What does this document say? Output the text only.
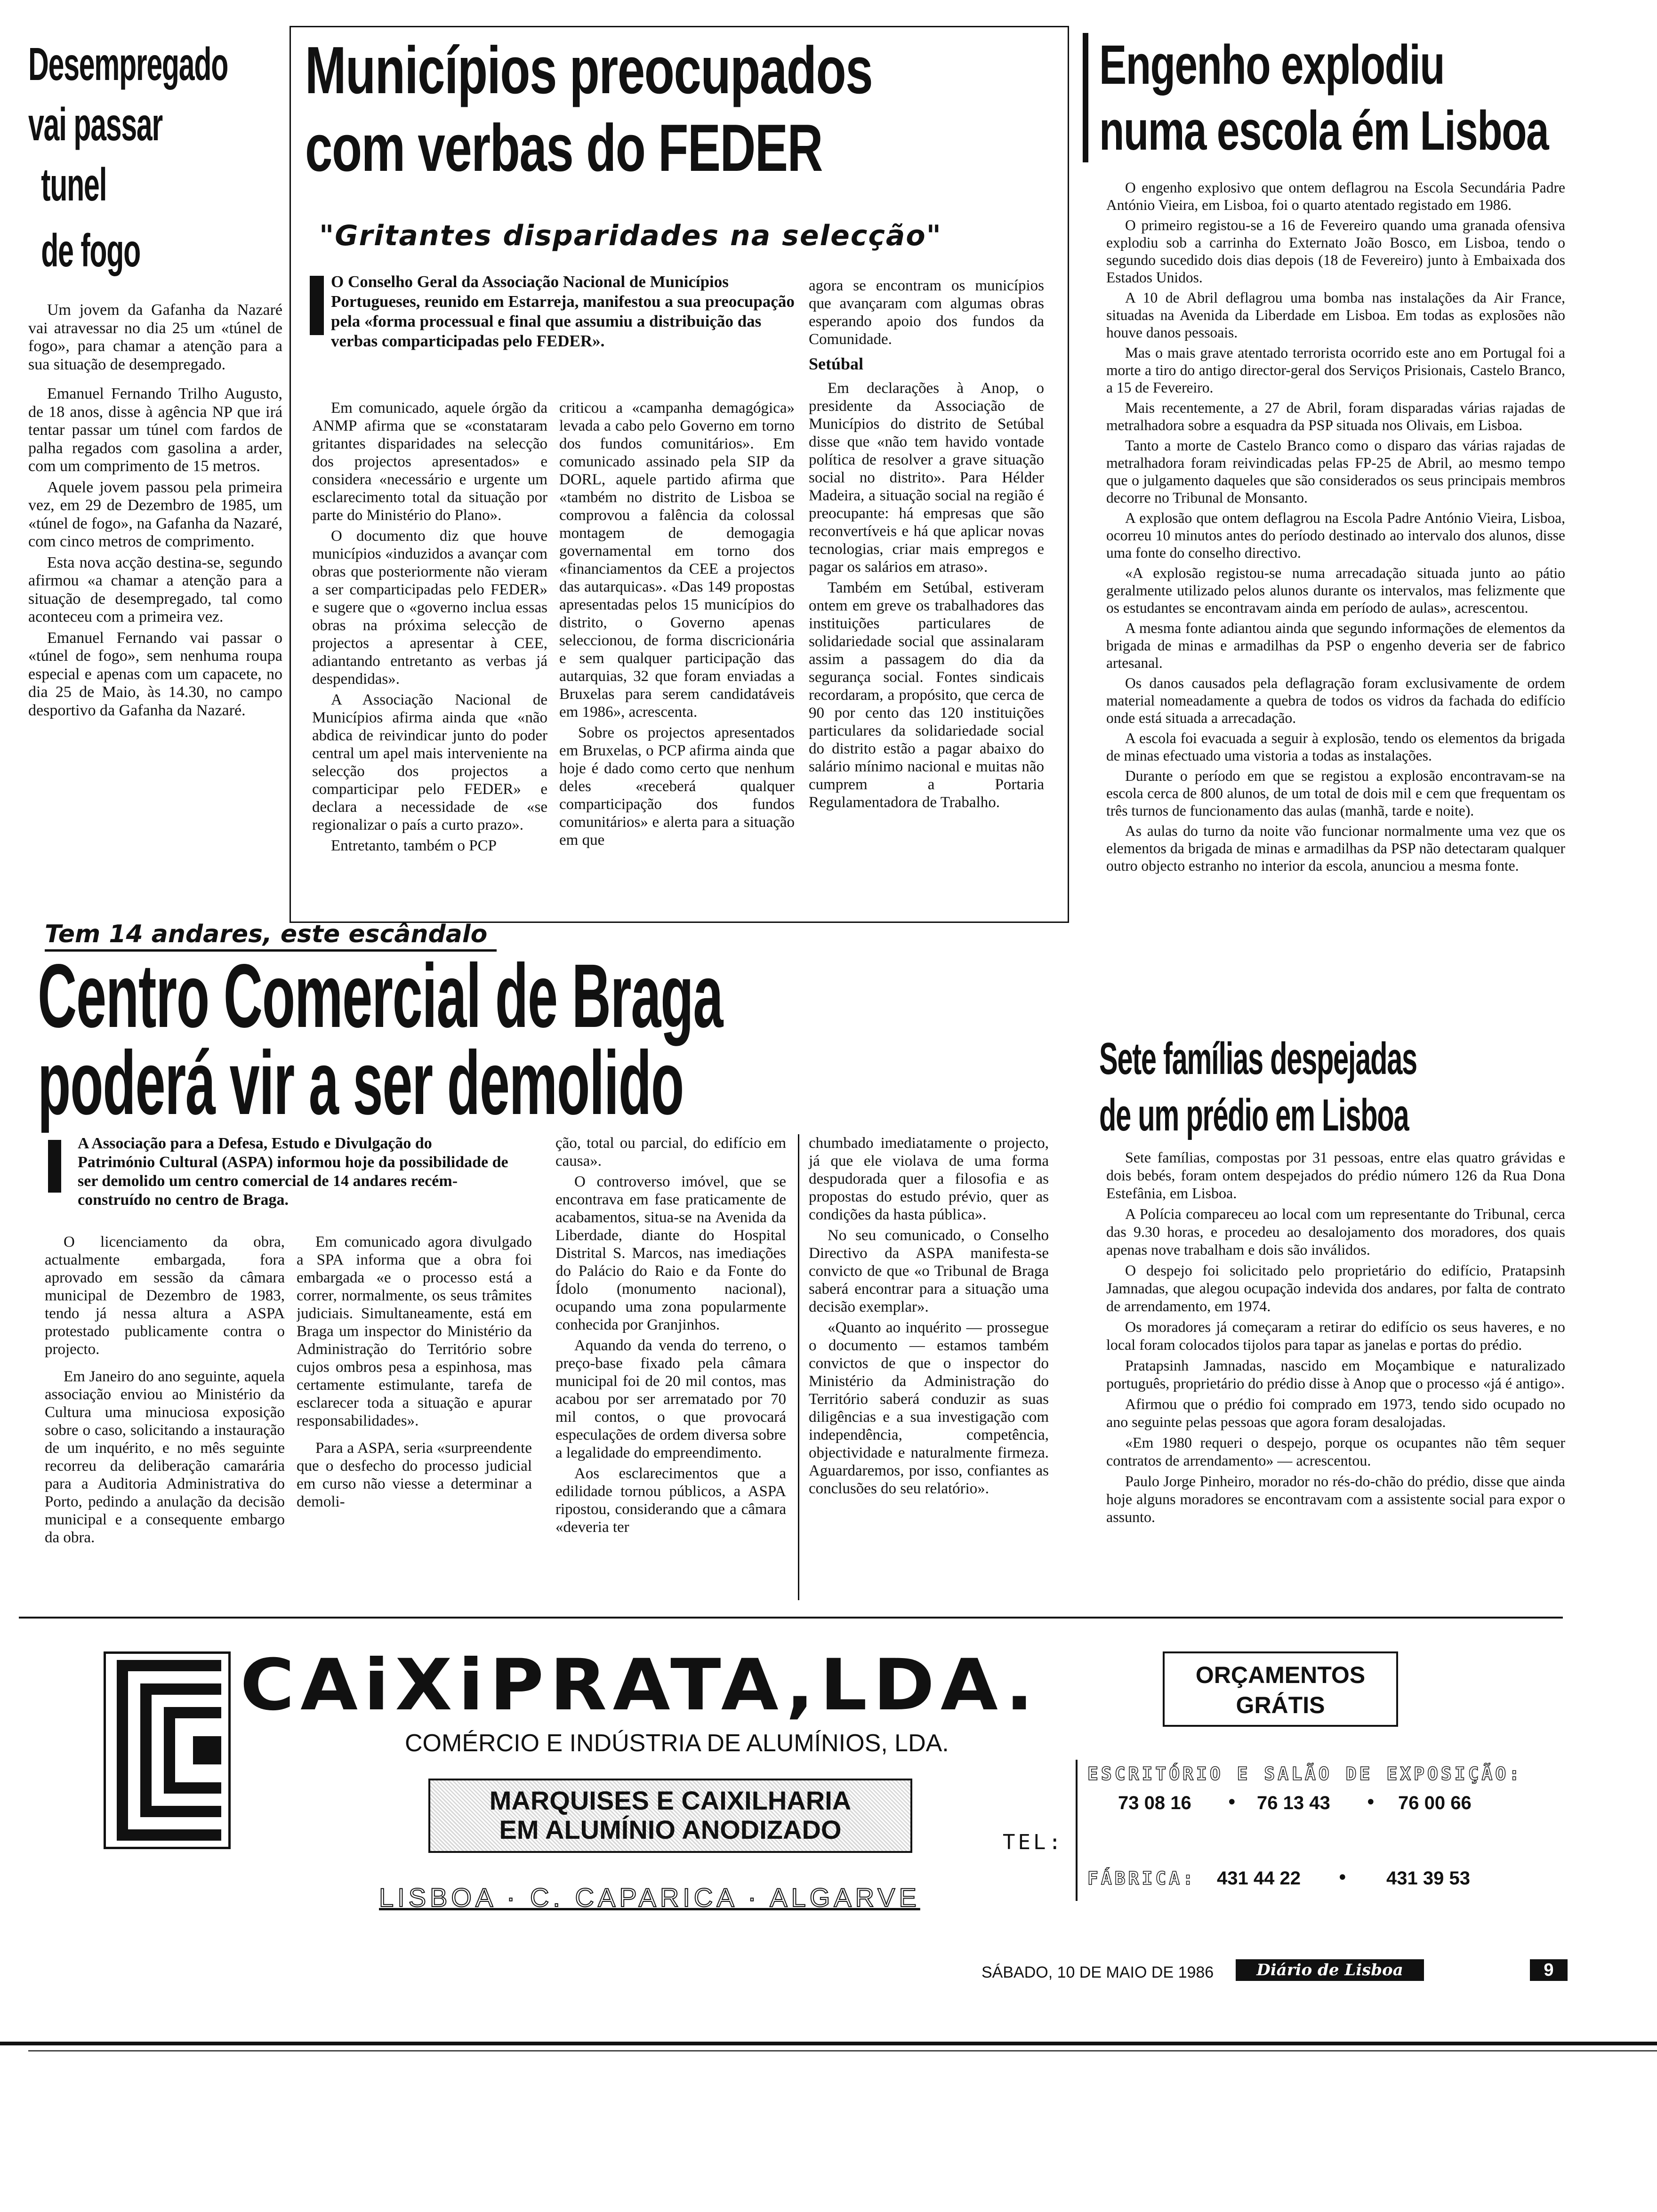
Desempregado
vai passar
tunel
de fogo

Um jovem da Gafanha da Nazaré vai atravessar no dia 25 um «túnel de fogo», para chamar a atenção para a sua situação de desempregado.

Emanuel Fernando Trilho Augusto, de 18 anos, disse à agência NP que irá tentar passar um túnel com fardos de palha regados com gasolina a arder, com um comprimento de 15 metros.

Aquele jovem passou pela primeira vez, em 29 de Dezembro de 1985, um «túnel de fogo», na Gafanha da Nazaré, com cinco metros de comprimento.

Esta nova acção destina-se, segundo afirmou «a chamar a atenção para a situação de desempregado, tal como aconteceu com a primeira vez.

Emanuel Fernando vai passar o «túnel de fogo», sem nenhuma roupa especial e apenas com um capacete, no dia 25 de Maio, às 14.30, no campo desportivo da Gafanha da Nazaré.

Municípios preocupados
com verbas do FEDER
"Gritantes disparidades na selecção"
O Conselho Geral da Associação Nacional de Municípios Portugueses, reunido em Estarreja, manifestou a sua preocupação pela «forma processual e final que assumiu a distribuição das verbas comparticipadas pelo FEDER».

Em comunicado, aquele órgão da ANMP afirma que se «constataram gritantes disparidades na selecção dos projectos apresentados» e considera «necessário e urgente um esclarecimento total da situação por parte do Ministério do Plano».

O documento diz que houve municípios «induzidos a avançar com obras que posteriormente não vieram a ser comparticipadas pelo FEDER» e sugere que o «governo inclua essas obras na próxima selecção de projectos a apresentar à CEE, adiantando entretanto as verbas já despendidas».

A Associação Nacional de Municípios afirma ainda que «não abdica de reivindicar junto do poder central um apel mais interveniente na selecção dos projectos a comparticipar pelo FEDER» e declara a necessidade de «se regionalizar o país a curto prazo».

Entretanto, também o PCP

criticou a «campanha demagógica» levada a cabo pelo Governo em torno dos fundos comunitários». Em comunicado assinado pela SIP da DORL, aquele partido afirma que «também no distrito de Lisboa se comprovou a falência da colossal montagem de demogagia governamental em torno dos «financiamentos da CEE a projectos das autarquicas». «Das 149 propostas apresentadas pelos 15 municípios do distrito, o Governo apenas seleccionou, de forma discricionária e sem qualquer participação das autarquias, 32 que foram enviadas a Bruxelas para serem candidatáveis em 1986», acrescenta.

Sobre os projectos apresentados em Bruxelas, o PCP afirma ainda que hoje é dado como certo que nenhum deles «receberá qualquer comparticipação dos fundos comunitários» e alerta para a situação em que

agora se encontram os municípios que avançaram com algumas obras esperando apoio dos fundos da Comunidade.

Setúbal

Em declarações à Anop, o presidente da Associação de Municípios do distrito de Setúbal disse que «não tem havido vontade política de resolver a grave situação social no distrito». Para Hélder Madeira, a situação social na região é preocupante: há empresas que são reconvertíveis e há que aplicar novas tecnologias, criar mais empregos e pagar os salários em atraso».

Também em Setúbal, estiveram ontem em greve os trabalhadores das instituições particulares de solidariedade social que assinalaram assim a passagem do dia da segurança social. Fontes sindicais recordaram, a propósito, que cerca de 90 por cento das 120 instituições particulares da solidariedade social do distrito estão a pagar abaixo do salário mínimo nacional e muitas não cumprem a Portaria Regulamentadora de Trabalho.

Engenho explodiu
numa escola ém Lisboa

O engenho explosivo que ontem deflagrou na Escola Secundária Padre António Vieira, em Lisboa, foi o quarto atentado registado em 1986.

O primeiro registou-se a 16 de Fevereiro quando uma granada ofensiva explodiu sob a carrinha do Externato João Bosco, em Lisboa, tendo o segundo sucedido dois dias depois (18 de Fevereiro) junto à Embaixada dos Estados Unidos.

A 10 de Abril deflagrou uma bomba nas instalações da Air France, situadas na Avenida da Liberdade em Lisboa. Em todas as explosões não houve danos pessoais.

Mas o mais grave atentado terrorista ocorrido este ano em Portugal foi a morte a tiro do antigo director-geral dos Serviços Prisionais, Castelo Branco, a 15 de Fevereiro.

Mais recentemente, a 27 de Abril, foram disparadas várias rajadas de metralhadora sobre a esquadra da PSP situada nos Olivais, em Lisboa.

Tanto a morte de Castelo Branco como o disparo das várias rajadas de metralhadora foram reivindicadas pelas FP-25 de Abril, ao mesmo tempo que o julgamento daqueles que são considerados os seus principais membros decorre no Tribunal de Monsanto.

A explosão que ontem deflagrou na Escola Padre António Vieira, Lisboa, ocorreu 10 minutos antes do período destinado ao intervalo dos alunos, disse uma fonte do conselho directivo.

«A explosão registou-se numa arrecadação situada junto ao pátio geralmente utilizado pelos alunos durante os intervalos, mas felizmente que os estudantes se encontravam ainda em período de aulas», acrescentou.

A mesma fonte adiantou ainda que segundo informações de elementos da brigada de minas e armadilhas da PSP o engenho deveria ser de fabrico artesanal.

Os danos causados pela deflagração foram exclusivamente de ordem material nomeadamente a quebra de todos os vidros da fachada do edifício onde está situada a arrecadação.

A escola foi evacuada a seguir à explosão, tendo os elementos da brigada de minas efectuado uma vistoria a todas as instalações.

Durante o período em que se registou a explosão encontravam-se na escola cerca de 800 alunos, de um total de dois mil e cem que frequentam os três turnos de funcionamento das aulas (manhã, tarde e noite).

As aulas do turno da noite vão funcionar normalmente uma vez que os elementos da brigada de minas e armadilhas da PSP não detectaram qualquer outro objecto estranho no interior da escola, anunciou a mesma fonte.

Sete famílias despejadas
de um prédio em Lisboa

Sete famílias, compostas por 31 pessoas, entre elas quatro grávidas e dois bebés, foram ontem despejados do prédio número 126 da Rua Dona Estefânia, em Lisboa.

A Polícia compareceu ao local com um representante do Tribunal, cerca das 9.30 horas, e procedeu ao desalojamento dos moradores, dos quais apenas nove trabalham e dois são inválidos.

O despejo foi solicitado pelo proprietário do edifício, Pratapsinh Jamnadas, que alegou ocupação indevida dos andares, por falta de contrato de arrendamento, em 1974.

Os moradores já começaram a retirar do edifício os seus haveres, e no local foram colocados tijolos para tapar as janelas e portas do prédio.

Pratapsinh Jamnadas, nascido em Moçambique e naturalizado português, proprietário do prédio disse à Anop que o processo «já é antigo».

Afirmou que o prédio foi comprado em 1973, tendo sido ocupado no ano seguinte pelas pessoas que agora foram desalojadas.

«Em 1980 requeri o despejo, porque os ocupantes não têm sequer contratos de arrendamento» — acrescentou.

Paulo Jorge Pinheiro, morador no rés-do-chão do prédio, disse que ainda hoje alguns moradores se encontravam com a assistente social para expor o assunto.

Tem 14 andares, este escândalo
Centro Comercial de Braga
poderá vir a ser demolido
A Associação para a Defesa, Estudo e Divulgação do Património Cultural (ASPA) informou hoje da possibilidade de ser demolido um centro comercial de 14 andares recém-construído no centro de Braga.

O licenciamento da obra, actualmente embargada, fora aprovado em sessão da câmara municipal de Dezembro de 1983, tendo já nessa altura a ASPA protestado publicamente contra o projecto.

Em Janeiro do ano seguinte, aquela associação enviou ao Ministério da Cultura uma minuciosa exposição sobre o caso, solicitando a instauração de um inquérito, e no mês seguinte recorreu da deliberação camarária para a Auditoria Administrativa do Porto, pedindo a anulação da decisão municipal e a consequente embargo da obra.

Em comunicado agora divulgado a SPA informa que a obra foi embargada «e o processo está a correr, normalmente, os seus trâmites judiciais. Simultaneamente, está em Braga um inspector do Ministério da Administração do Território sobre cujos ombros pesa a espinhosa, mas certamente estimulante, tarefa de esclarecer toda a situação e apurar responsabilidades».

Para a ASPA, seria «surpreendente que o desfecho do processo judicial em curso não viesse a determinar a demoli-

ção, total ou parcial, do edifício em causa».

O controverso imóvel, que se encontrava em fase praticamente de acabamentos, situa-se na Avenida da Liberdade, diante do Hospital Distrital S. Marcos, nas imediações do Palácio do Raio e da Fonte do Ídolo (monumento nacional), ocupando uma zona popularmente conhecida por Granjinhos.

Aquando da venda do terreno, o preço-base fixado pela câmara municipal foi de 20 mil contos, mas acabou por ser arrematado por 70 mil contos, o que provocará especulações de ordem diversa sobre a legalidade do empreendimento.

Aos esclarecimentos que a edilidade tornou públicos, a ASPA ripostou, considerando que a câmara «deveria ter

chumbado imediatamente o projecto, já que ele violava de uma forma despudorada quer a filosofia e as propostas do estudo prévio, quer as condições da hasta pública».

No seu comunicado, o Conselho Directivo da ASPA manifesta-se convicto de que «o Tribunal de Braga saberá encontrar para a situação uma decisão exemplar».

«Quanto ao inquérito — prossegue o documento — estamos também convictos de que o inspector do Ministério da Administração do Território saberá conduzir as suas diligências e a sua investigação com independência, competência, objectividade e naturalmente firmeza. Aguardaremos, por isso, confiantes as conclusões do seu relatório».

CAiXiPRATA,LDA.
COMÉRCIO E INDÚSTRIA DE ALUMÍNIOS, LDA.
MARQUISES E CAIXILHARIA
EM ALUMÍNIO ANODIZADO
LISBOA · C. CAPARICA · ALGARVE
ORÇAMENTOS
GRÁTIS
TEL:
ESCRITÓRIO E SALÃO DE EXPOSIÇÃO:
73 08 16 • 76 13 43 • 76 00 66
FÁBRICA: 431 44 22 • 431 39 53
SÁBADO, 10 DE MAIO DE 1986	Diário de Lisboa	9
